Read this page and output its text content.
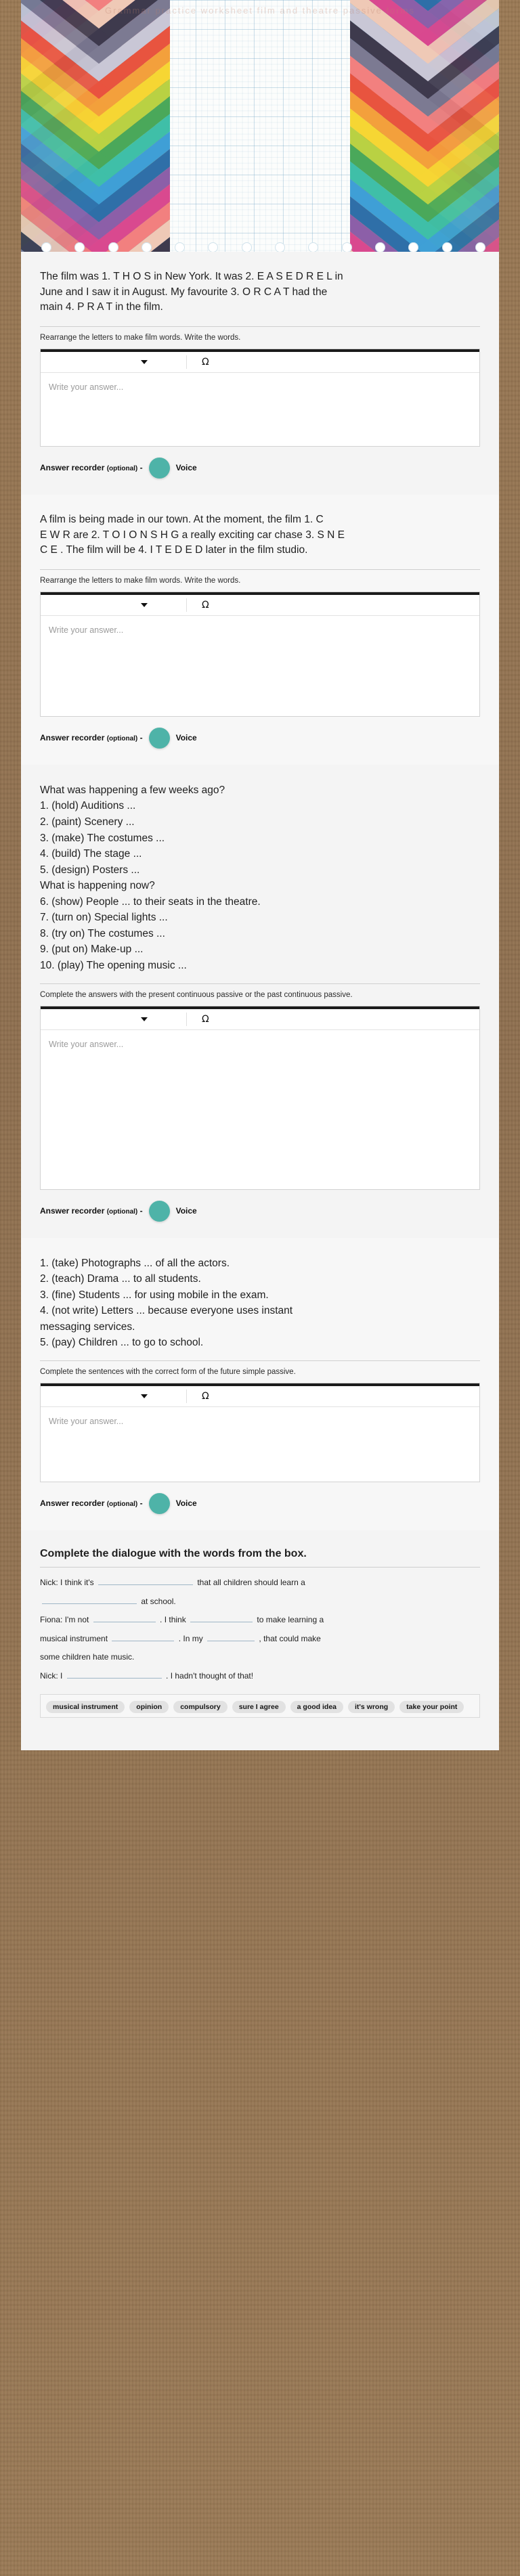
Grammar practice worksheet film and theatre passive forms

The film was 1. T H O S in New York. It was 2. E A S E D R E L in
June and I saw it in August. My favourite 3. O R C A T had the
main 4. P R A T in the film.

Rearrange the letters to make film words. Write the words.
Ω
Write your answer...
Answer recorder (optional) -	Voice

A film is being made in our town. At the moment, the film 1. C
E W R are 2. T O I O N S H G a really exciting car chase 3. S N E
C E . The film will be 4. I T E D E D later in the film studio.

Rearrange the letters to make film words. Write the words.
Ω
Write your answer...
Answer recorder (optional) -	Voice
What was happening a few weeks ago?
1. (hold) Auditions ...
2. (paint) Scenery ...
3. (make) The costumes ...
4. (build) The stage ...
5. (design) Posters ...
What is happening now?
6. (show) People ... to their seats in the theatre.
7. (turn on) Special lights ...
8. (try on) The costumes ...
9. (put on) Make-up ...
10. (play) The opening music ...
Complete the answers with the present continuous passive or the past continuous passive.
Ω
Write your answer...
Answer recorder (optional) -	Voice
1. (take) Photographs ... of all the actors.
2. (teach) Drama ... to all students.
3. (fine) Students ... for using mobile in the exam.
4. (not write) Letters ... because everyone uses instant
messaging services.
5. (pay) Children ... to go to school.
Complete the sentences with the correct form of the future simple passive.
Ω
Write your answer...
Answer recorder (optional) -	Voice
Complete the dialogue with the words from the box.
Nick: I think it's	that all children should learn a
at school.
Fiona: I'm not	. I think	to make learning a
musical instrument	. In my	, that could make
some children hate music.
Nick: I	. I hadn't thought of that!
musical instrument	opinion	compulsory	sure I agree	a good idea	it's wrong	take your point
